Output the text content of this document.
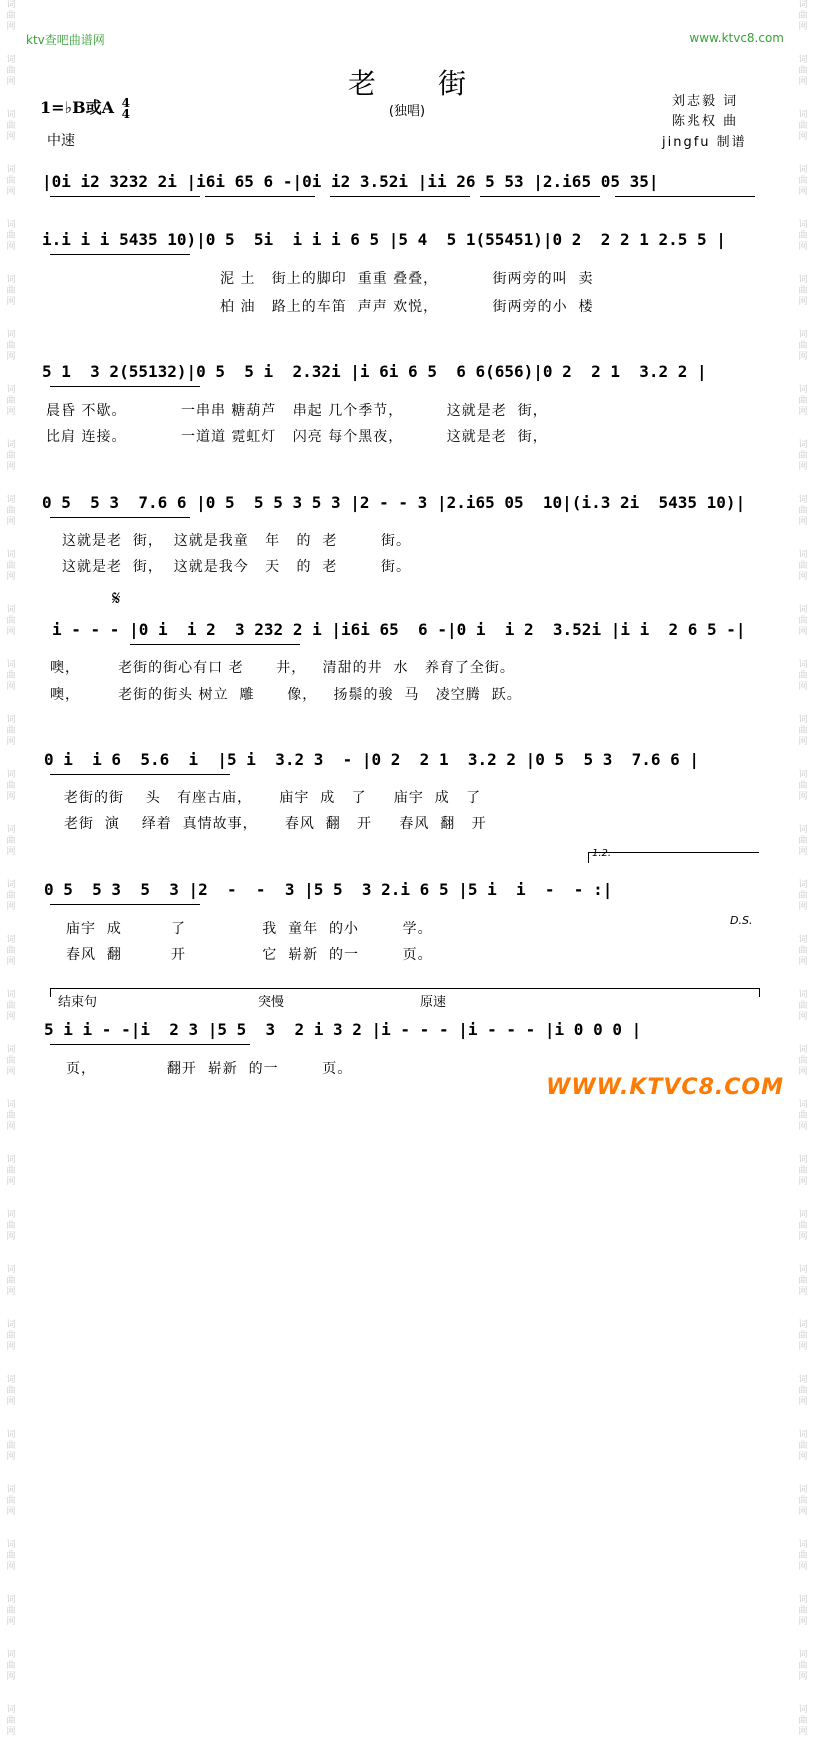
词曲网
词曲网
词曲网
词曲网
词曲网
词曲网
词曲网
词曲网
词曲网
词曲网
词曲网
词曲网
词曲网
词曲网
词曲网
词曲网
词曲网
词曲网
词曲网
词曲网
词曲网
词曲网
词曲网
词曲网
词曲网
词曲网
词曲网
词曲网
词曲网
词曲网
词曲网
词曲网
词曲网
词曲网
词曲网
词曲网
词曲网
词曲网
词曲网
词曲网
词曲网
词曲网
词曲网
词曲网
词曲网
词曲网
词曲网
词曲网
词曲网
词曲网
词曲网
词曲网
词曲网
词曲网
词曲网
词曲网
词曲网
词曲网
词曲网
词曲网
词曲网
词曲网
词曲网
词曲网
ktv查吧曲谱网	www.ktvc8.com
老街
(独唱)
1=♭B或A 4
4
中速
刘志毅 词
陈兆权 曲
jingfu 制谱
|0i i2 3232 2i |i6i 65 6 -|0i i2 3.52i |ii 26 5 53 |2.i65 05 35|
i.i i i 5435 10)|0 5  5i  i i i 6 5 |5 4  5 1(55451)|0 2  2 2 1 2.5 5 |
泥 土   街上的脚印  重重 叠叠，          街两旁的叫  卖
柏 油   路上的车笛  声声 欢悦，          街两旁的小  楼
5 1  3 2(55132)|0 5  5 i  2.32i |i 6i 6 5  6 6(656)|0 2  2 1  3.2 2 |
晨昏 不歇。          一串串 糖葫芦   串起 几个季节，        这就是老  街，
比肩 连接。          一道道 霓虹灯   闪亮 每个黑夜，        这就是老  街，
0 5  5 3  7.6 6 |0 5  5 5 3 5 3 |2 - - 3 |2.i65 05  10|(i.3 2i  5435 10)|
这就是老  街，  这就是我童   年   的  老        街。
这就是老  街，  这就是我今   天   的  老        街。
𝄋
i - - - |0 i  i 2  3 232 2 i |i6i 65  6 -|0 i  i 2  3.52i |i i  2 6 5 -|
噢，       老街的街心有口 老      井，   清甜的井  水   养育了全街。
噢，       老街的街头 树立  雕      像，   扬鬃的骏  马   凌空腾  跃。
0 i  i 6  5.6  i  |5 i  3.2 3  - |0 2  2 1  3.2 2 |0 5  5 3  7.6 6 |
老街的街    头   有座古庙，     庙宇  成   了     庙宇  成   了
老街  演    绎着  真情故事，     春风  翻   开     春风  翻   开
1.2.
0 5  5 3  5  3 |2  -  -  3 |5 5  3 2.i 6 5 |5 i  i  -  - :|
D.S.
庙宇  成         了              我  童年  的小        学。
春风  翻         开              它  崭新  的一        页。
结束句	突慢	原速
5 i i - -|i  2 3 |5 5  3  2 i 3 2 |i - - - |i - - - |i 0 0 0 |
页，             翻开  崭新  的一        页。
WWW.KTVC8.COM
